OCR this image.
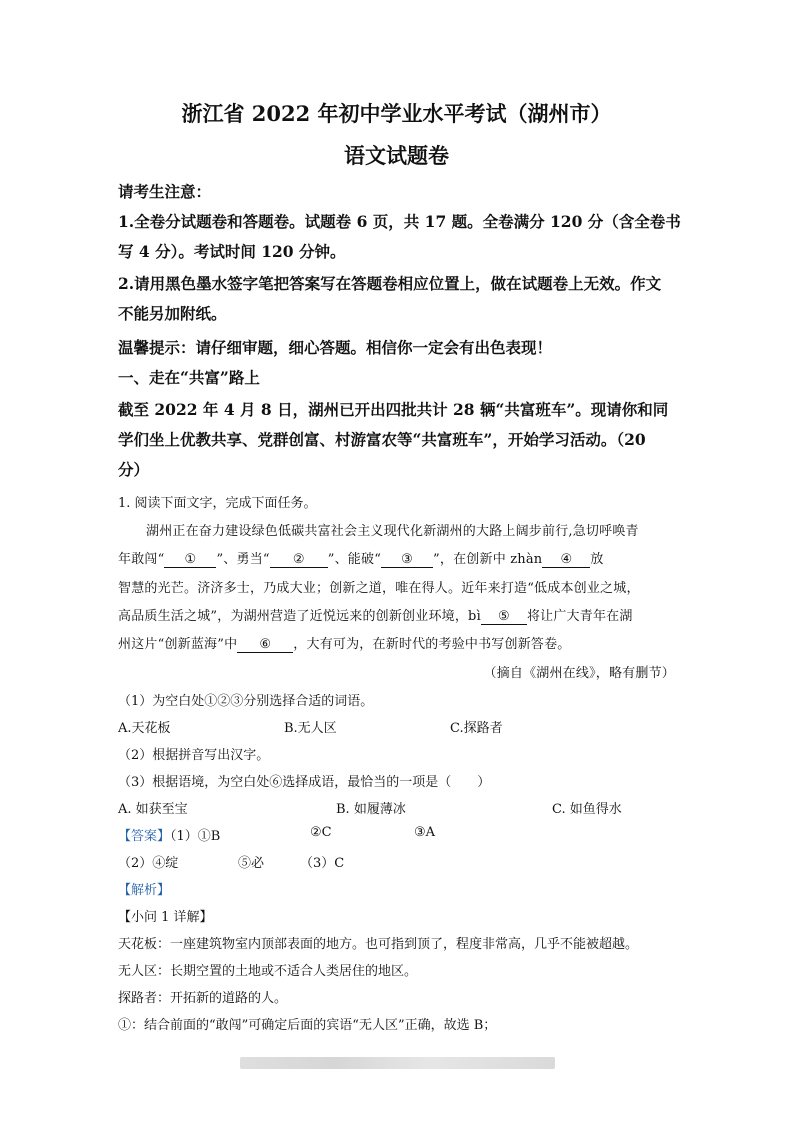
浙江省 2022 年初中学业水平考试（湖州市）
语文试题卷
请考生注意：
1.全卷分试题卷和答题卷。试题卷 6 页，共 17 题。全卷满分 120 分（含全卷书
写 4 分）。考试时间 120 分钟。
2.请用黑色墨水签字笔把答案写在答题卷相应位置上，做在试题卷上无效。作文
不能另加附纸。
温馨提示：请仔细审题，细心答题。相信你一定会有出色表现！
一、走在“共富”路上
截至 2022 年 4 月 8 日，湖州已开出四批共计 28 辆“共富班车”。现请你和同
学们坐上优教共享、党群创富、村游富农等“共富班车”，开始学习活动。（20
分）
1. 阅读下面文字，完成下面任务。
湖州正在奋力建设绿色低碳共富社会主义现代化新湖州的大路上阔步前行,急切呼唤青
年敢闯“ ① ”、勇当“ ② ”、能破“ ③ ”，在创新中 zhàn ④ 放
智慧的光芒。济济多士，乃成大业；创新之道，唯在得人。近年来打造“低成本创业之城，
高品质生活之城”，为湖州营造了近悦远来的创新创业环境，bì ⑤ 将让广大青年在湖
州这片“创新蓝海”中 ⑥ ，大有可为，在新时代的考验中书写创新答卷。
（摘自《湖州在线》，略有删节）
（1）为空白处①②③分别选择合适的词语。
A.天花板	B.无人区	C.探路者
（2）根据拼音写出汉字。
（3）根据语境，为空白处⑥选择成语，最恰当的一项是（　　）
A. 如获至宝	B. 如履薄冰	C. 如鱼得水
【答案】（1）①B	②C	③A
（2）④绽	⑤必	（3）C
【解析】
【小问 1 详解】
天花板：一座建筑物室内顶部表面的地方。也可指到顶了，程度非常高，几乎不能被超越。
无人区：长期空置的土地或不适合人类居住的地区。
探路者：开拓新的道路的人。
①：结合前面的“敢闯”可确定后面的宾语“无人区”正确，故选 B；
